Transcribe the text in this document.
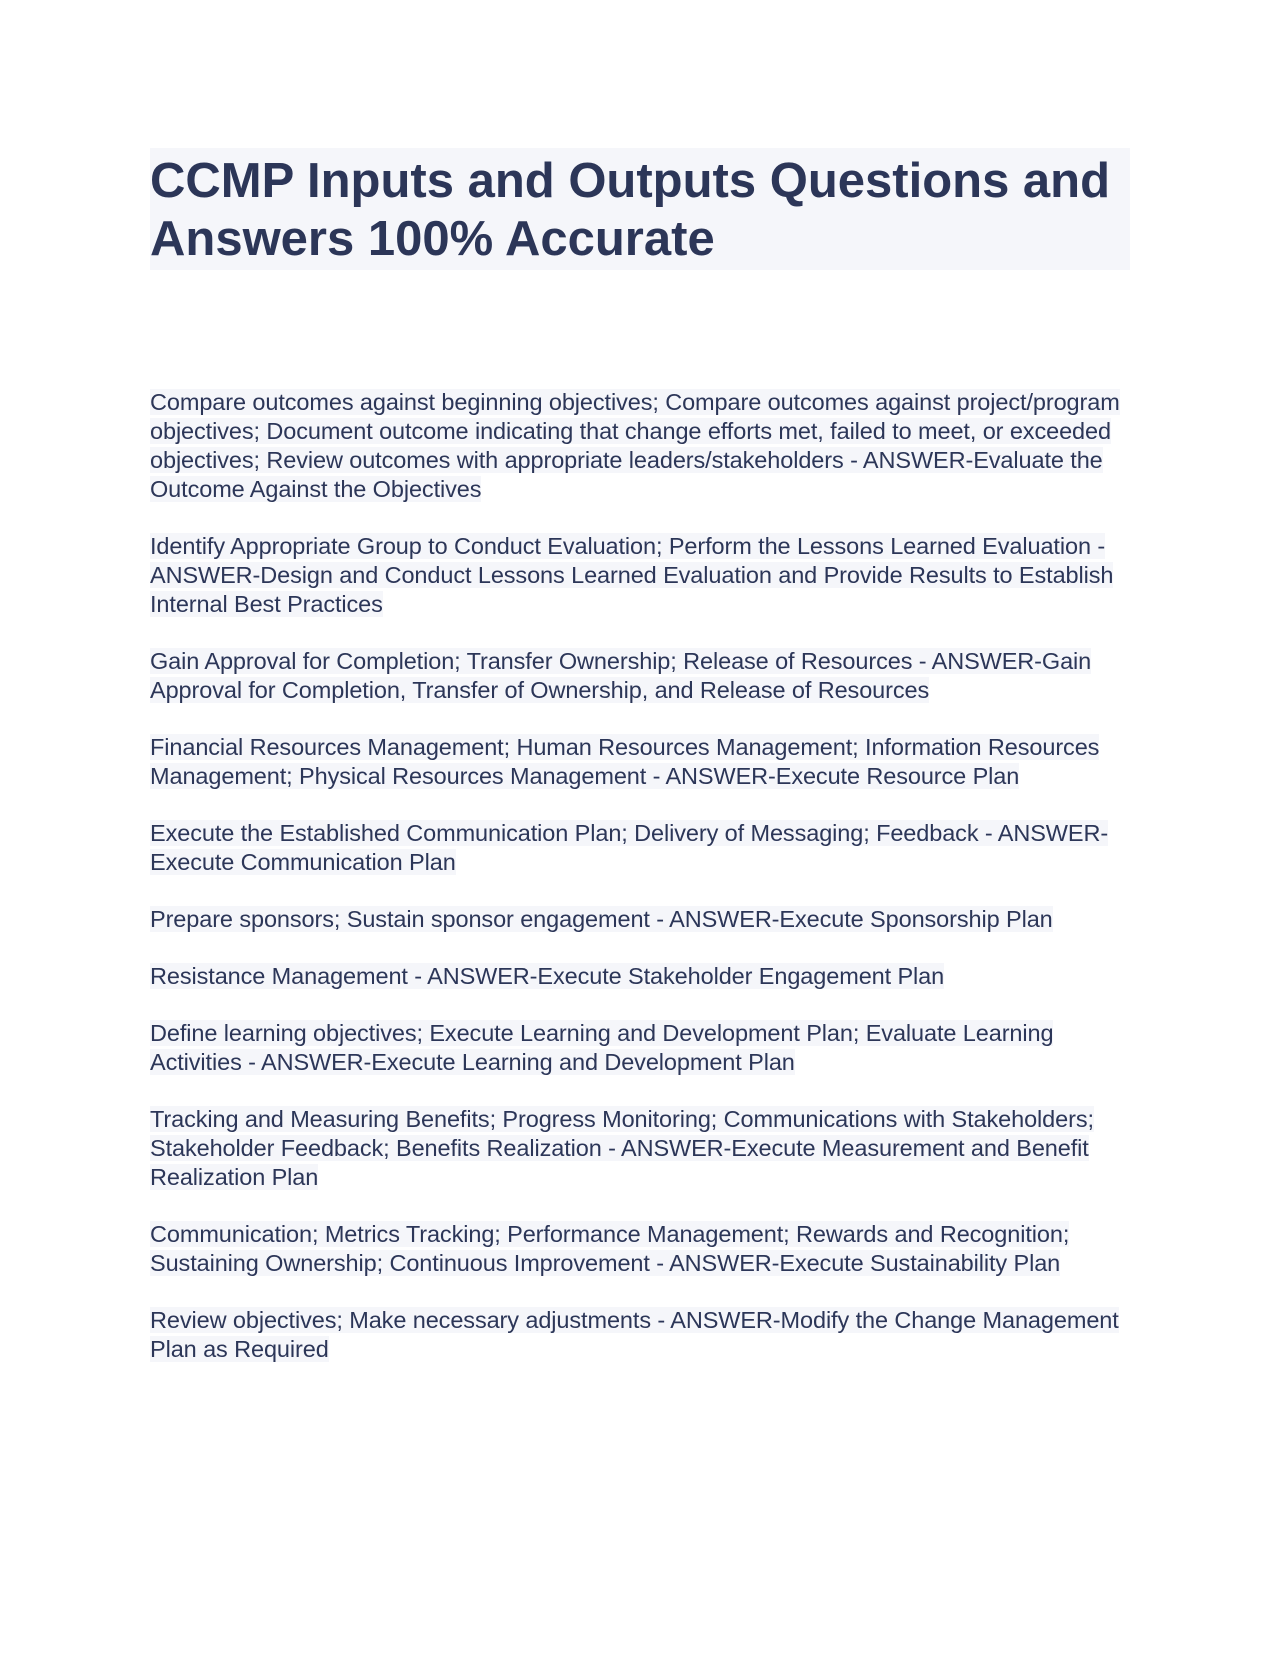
CCMP Inputs and Outputs Questions and Answers 100% Accurate

Compare outcomes against beginning objectives; Compare outcomes against project/program objectives; Document outcome indicating that change efforts met, failed to meet, or exceeded objectives; Review outcomes with appropriate leaders/stakeholders - ANSWER-Evaluate the Outcome Against the Objectives

Identify Appropriate Group to Conduct Evaluation; Perform the Lessons Learned Evaluation - ANSWER-Design and Conduct Lessons Learned Evaluation and Provide Results to Establish Internal Best Practices

Gain Approval for Completion; Transfer Ownership; Release of Resources - ANSWER-Gain Approval for Completion, Transfer of Ownership, and Release of Resources

Financial Resources Management; Human Resources Management; Information Resources Management; Physical Resources Management - ANSWER-Execute Resource Plan

Execute the Established Communication Plan; Delivery of Messaging; Feedback - ANSWER-Execute Communication Plan

Prepare sponsors; Sustain sponsor engagement - ANSWER-Execute Sponsorship Plan

Resistance Management - ANSWER-Execute Stakeholder Engagement Plan

Define learning objectives; Execute Learning and Development Plan; Evaluate Learning Activities - ANSWER-Execute Learning and Development Plan

Tracking and Measuring Benefits; Progress Monitoring; Communications with Stakeholders; Stakeholder Feedback; Benefits Realization - ANSWER-Execute Measurement and Benefit Realization Plan

Communication; Metrics Tracking; Performance Management; Rewards and Recognition; Sustaining Ownership; Continuous Improvement - ANSWER-Execute Sustainability Plan

Review objectives; Make necessary adjustments - ANSWER-Modify the Change Management Plan as Required
